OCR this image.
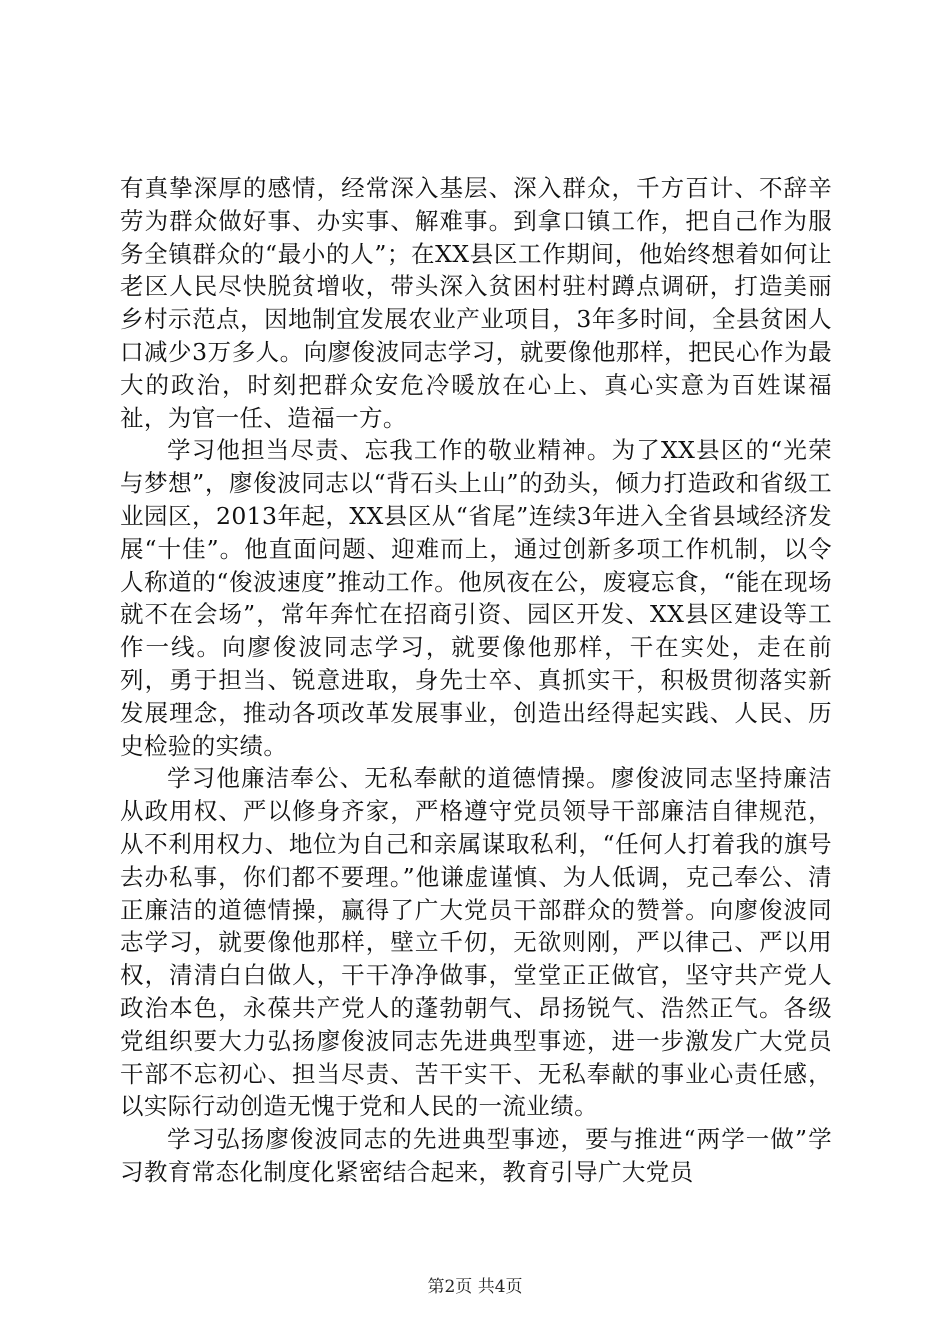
有真挚深厚的感情，经常深入基层、深入群众，千方百计、不辞辛劳为群众做好事、办实事、解难事。到拿口镇工作，把自己作为服务全镇群众的“最小的人”；在XX县区工作期间，他始终想着如何让老区人民尽快脱贫增收，带头深入贫困村驻村蹲点调研，打造美丽乡村示范点，因地制宜发展农业产业项目，3年多时间，全县贫困人口减少3万多人。向廖俊波同志学习，就要像他那样，把民心作为最大的政治，时刻把群众安危冷暖放在心上、真心实意为百姓谋福祉，为官一任、造福一方。

学习他担当尽责、忘我工作的敬业精神。为了XX县区的“光荣与梦想”，廖俊波同志以“背石头上山”的劲头，倾力打造政和省级工业园区，2013年起，XX县区从“省尾”连续3年进入全省县域经济发展“十佳”。他直面问题、迎难而上，通过创新多项工作机制，以令人称道的“俊波速度”推动工作。他夙夜在公，废寝忘食，“能在现场就不在会场”，常年奔忙在招商引资、园区开发、XX县区建设等工作一线。向廖俊波同志学习，就要像他那样，干在实处，走在前列，勇于担当、锐意进取，身先士卒、真抓实干，积极贯彻落实新发展理念，推动各项改革发展事业，创造出经得起实践、人民、历史检验的实绩。

学习他廉洁奉公、无私奉献的道德情操。廖俊波同志坚持廉洁从政用权、严以修身齐家，严格遵守党员领导干部廉洁自律规范，从不利用权力、地位为自己和亲属谋取私利，“任何人打着我的旗号去办私事，你们都不要理。”他谦虚谨慎、为人低调，克己奉公、清正廉洁的道德情操，赢得了广大党员干部群众的赞誉。向廖俊波同志学习，就要像他那样，壁立千仞，无欲则刚，严以律己、严以用权，清清白白做人，干干净净做事，堂堂正正做官，坚守共产党人政治本色，永葆共产党人的蓬勃朝气、昂扬锐气、浩然正气。各级党组织要大力弘扬廖俊波同志先进典型事迹，进一步激发广大党员干部不忘初心、担当尽责、苦干实干、无私奉献的事业心责任感，以实际行动创造无愧于党和人民的一流业绩。

学习弘扬廖俊波同志的先进典型事迹，要与推进“两学一做”学习教育常态化制度化紧密结合起来，教育引导广大党员

第2页 共4页
